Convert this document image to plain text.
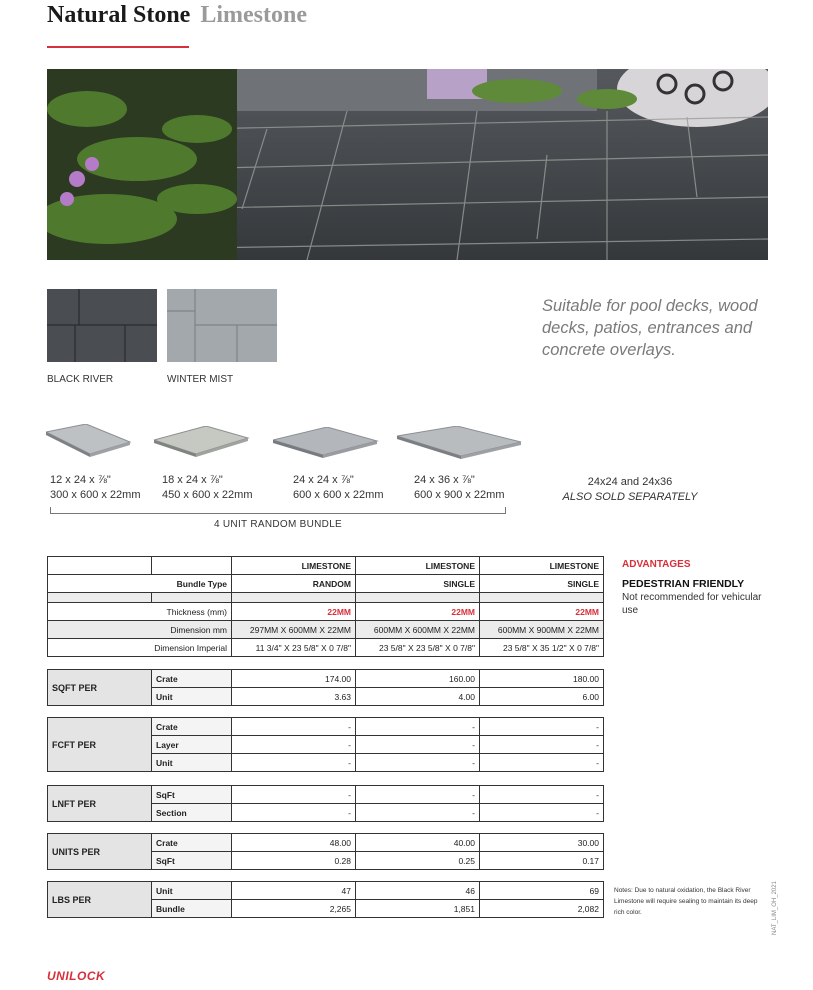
Natural Stone Limestone
BLACK RIVER	WINTER MIST
Suitable for pool decks, wood decks, patios, entrances and concrete overlays.
12 x 24 x ⅞"
300 x 600 x 22mm
18 x 24 x ⅞"
450 x 600 x 22mm
24 x 24 x ⅞"
600 x 600 x 22mm
24 x 36 x ⅞"
600 x 900 x 22mm
4 UNIT RANDOM BUNDLE
24x24 and 24x36
ALSO SOLD SEPARATELY
		LIMESTONE	LIMESTONE	LIMESTONE
Bundle Type		RANDOM	SINGLE	SINGLE

Thickness (mm)		22MM	22MM	22MM
Dimension mm		297MM X 600MM X 22MM	600MM X 600MM X 22MM	600MM X 900MM X 22MM
Dimension Imperial		11 3/4" X 23 5/8" X 0 7/8"	23 5/8" X 23 5/8" X 0 7/8"	23 5/8" X 35 1/2" X 0 7/8"
SQFT PER	Crate	174.00	160.00	180.00
	Unit	3.63	4.00	6.00
FCFT PER	Crate	-	-	-
	Layer	-	-	-
	Unit	-	-	-
LNFT PER	SqFt	-	-	-
	Section	-	-	-
UNITS PER	Crate	48.00	40.00	30.00
	SqFt	0.28	0.25	0.17
LBS PER	Unit	47	46	69
	Bundle	2,265	1,851	2,082
ADVANTAGES
PEDESTRIAN FRIENDLY
Not recommended for vehicular use
Notes: Due to natural oxidation, the Black River Limestone will require sealing to maintain its deep rich color.	NAT_LIM_OH_2021
UNILOCK
